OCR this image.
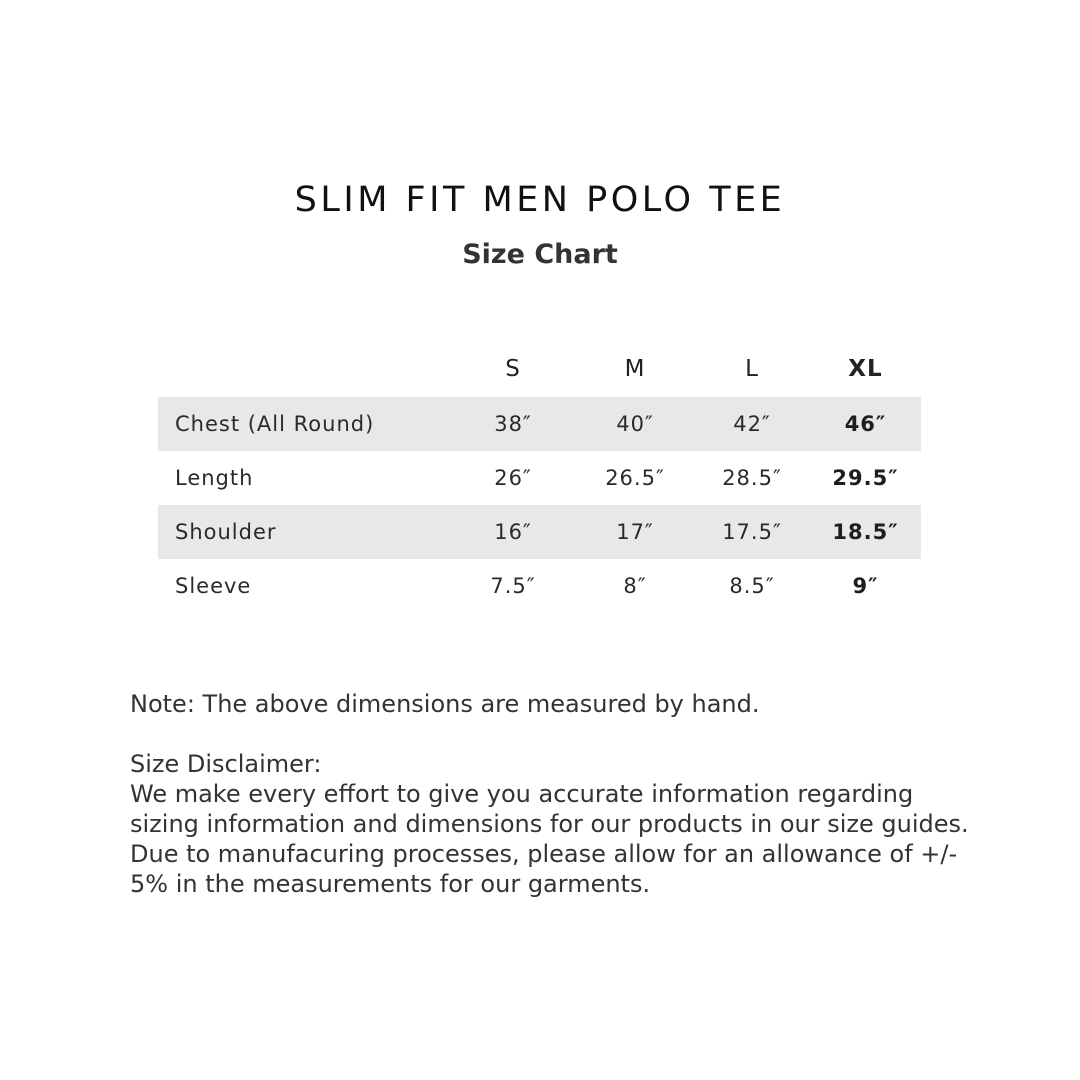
SLIM FIT MEN POLO TEE
Size Chart
	S	M	L	XL
Chest (All Round)	38″	40″	42″	46″
Length	26″	26.5″	28.5″	29.5″
Shoulder	16″	17″	17.5″	18.5″
Sleeve	7.5″	8″	8.5″	9″

Note: The above dimensions are measured by hand.

Size Disclaimer:

We make every effort to give you accurate information regarding sizing information and dimensions for our products in our size guides. Due to manufacuring processes, please allow for an allowance of +/- 5% in the measurements for our garments.
